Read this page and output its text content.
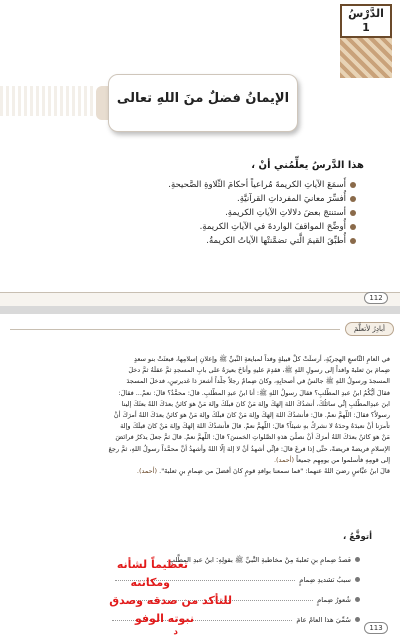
الدَّرْسُ
1
الإيمانُ فضلٌ منَ اللهِ تعالى
هذا الدَّرسُ يعلِّمُني أنْ ،
أَسمَعَ الآياتِ الكريمةَ مُراعياً أحكامَ التِّلاوةِ الصَّحيحةِ.
أُفسِّرَ معانيَ المفرداتِ القرآنيَّةِ.
أستنتجَ بعضَ دلالاتِ الآياتِ الكريمةِ.
أُوضِّحَ المواقفَ الواردةَ في الآياتِ الكريمةِ.
أُطبِّقَ القيمَ الَّتي تضمَّنتْها الآياتُ الكريمةُ.
112
أبادِرُ لأتعلَّمَ

في العامِ التَّاسعِ الهجريّةِ، أرسلَتْ كلُّ قبيلةٍ وفداً لمبايعةِ النَّبيِّ ﷺ وإعلانِ إسلامِها، فبعثَتْ بنو سعدٍ

ضِمامَ بنَ ثعلبةَ وافداً إلى رسولِ اللهِ ﷺ، فقدِمَ عليهِ وأناخَ بعيرَهُ على بابِ المسجدِ ثمَّ عقلَهُ ثمَّ دخلَ

المسجدَ ورسولُ اللهِ ﷺ جالسٌ في أصحابِهِ، وكانَ ضِمامٌ رجلاً جلْداً أشعرَ ذا غديرتينِ، فدخلَ المسجدَ

فقالَ أيُّكُمُ ابنُ عبدِ المطَّلبِ؟ فقالَ رسولُ اللهِ ﷺ: أنا ابنُ عبدِ المطَّلبِ. قالَ: محمَّدٌ؟ قالَ: نعمْ... فقالَ:

ابنَ عبدِالمطَّلبِ إنِّي سائلُكَ، أنشدُكَ اللهَ إلهَكَ وإلهَ مَنْ كانَ قبلَكَ وإلهَ مَنْ هوَ كائنٌ بعدَكَ اللهُ بعثَكَ إلينا

رسولاً؟ فقالَ: اللَّهمَّ نعمْ. قالَ: فأنشدُكَ اللهَ إلهَكَ وإلهَ مَنْ كانَ قبلَكَ وإلهَ مَنْ هوَ كائنٌ بعدَكَ اللهُ أمرَكَ أنْ

تأمرَنا أنْ نعبدَهُ وحدَهُ لا نشركُ بهِ شيئاً؟ قالَ: اللَّهمَّ نعمْ. قالَ فأنشدُكَ اللهَ إلهَكَ وإلهَ مَنْ كانَ قبلَكَ وإلهَ

مَنْ هوَ كائنٌ بعدَكَ اللهُ أمرَكَ أنْ نصلِّيَ هذهِ الصَّلواتِ الخمسَ؟ قالَ: اللَّهمَّ نعمْ. قالَ ثمَّ جعلَ يذكرُ فرائضَ

الإسلامِ فريضةً فريضةً، حتَّى إذا فرغَ قالَ: فإنِّي أشهدُ أنْ لا إلهَ إلَّا اللهُ وأشهدُ أنَّ محمَّداً رسولُ اللهِ، ثمَّ رجعَ

إلى قومِهِ فأسلموا من يومِهِم جميعاً (أحمد).

قالَ ابنُ عبَّاسٍ رضيَ اللهُ عنهما: "فما سمعنا بوافدِ قومٍ كانَ أفضلَ من ضِمامِ بنِ ثعلبةَ". (أحمد).

أتوقَّعُ ،
قصدُ ضِمامِ بنِ ثعلبةَ مِنْ مخاطبةِ النَّبيِّ ﷺ بقولِهِ: ابنُ عبدِ المطَّلبِ.
سببُ تشديدِ ضِمامٍ
شُعورُ ضِمامٍ
سُمِّيَ هذا العامُ عامَ
تعظيماً لشأنه
ومكانته
للتأكد من صدقه وصدق
نبوته الوفو
د	113
